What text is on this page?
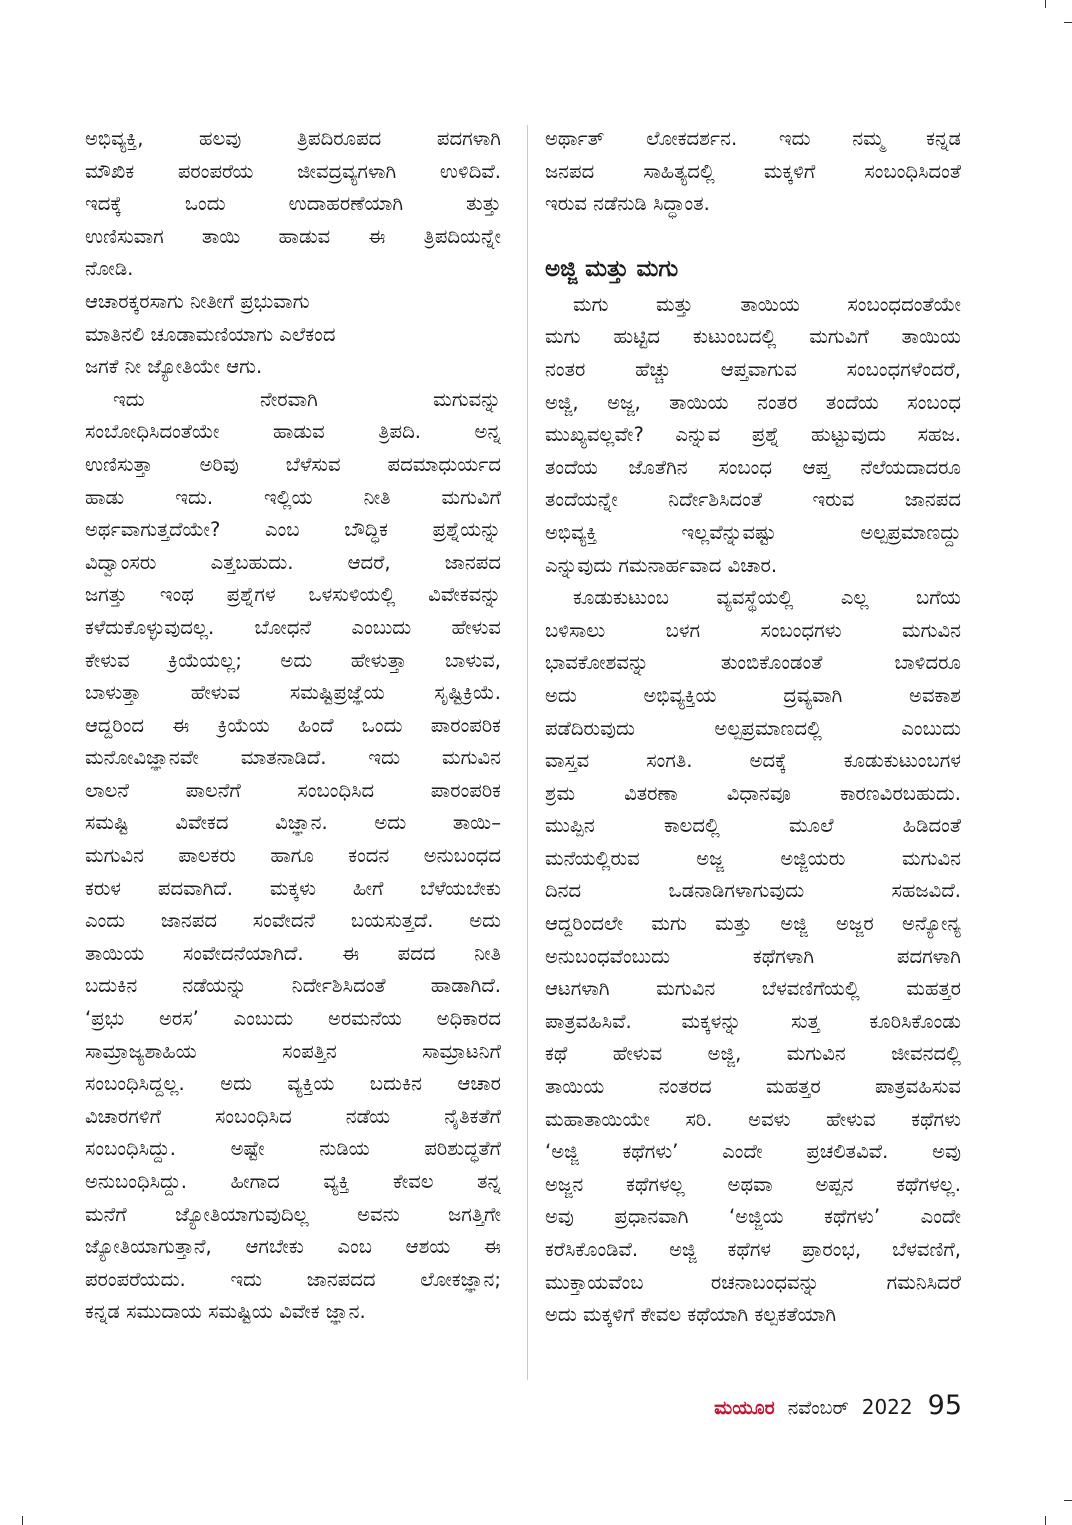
ಅಭಿವ್ಯಕ್ತಿ, ಹಲವು ತ್ರಿಪದಿರೂಪದ ಪದಗಳಾಗಿ
ಮೌಖಿಕ ಪರಂಪರೆಯ ಜೀವದ್ರವ್ಯಗಳಾಗಿ ಉಳಿದಿವೆ.
ಇದಕ್ಕೆ ಒಂದು ಉದಾಹರಣೆಯಾಗಿ ತುತ್ತು
ಉಣಿಸುವಾಗ ತಾಯಿ ಹಾಡುವ ಈ ತ್ರಿಪದಿಯನ್ನೇ
ನೋಡಿ.
ಆಚಾರಕ್ಕರಸಾಗು ನೀತೀಗೆ ಪ್ರಭುವಾಗು
ಮಾತಿನಲಿ ಚೂಡಾಮಣಿಯಾಗು ಎಲೆಕಂದ
ಜಗಕೆ ನೀ ಜ್ಯೋತಿಯೇ ಆಗು.
ಇದು ನೇರವಾಗಿ ಮಗುವನ್ನು
ಸಂಬೋಧಿಸಿದಂತೆಯೇ ಹಾಡುವ ತ್ರಿಪದಿ. ಅನ್ನ
ಉಣಿಸುತ್ತಾ ಅರಿವು ಬೆಳೆಸುವ ಪದಮಾಧುರ್ಯದ
ಹಾಡು ಇದು. ಇಲ್ಲಿಯ ನೀತಿ ಮಗುವಿಗೆ
ಅರ್ಥವಾಗುತ್ತದೆಯೇ? ಎಂಬ ಬೌದ್ಧಿಕ ಪ್ರಶ್ನೆಯನ್ನು
ವಿದ್ವಾಂಸರು ಎತ್ತಬಹುದು. ಆದರೆ, ಜಾನಪದ
ಜಗತ್ತು ಇಂಥ ಪ್ರಶ್ನೆಗಳ ಒಳಸುಳಿಯಲ್ಲಿ ವಿವೇಕವನ್ನು
ಕಳೆದುಕೊಳ್ಳುವುದಲ್ಲ. ಬೋಧನೆ ಎಂಬುದು ಹೇಳುವ
ಕೇಳುವ ಕ್ರಿಯೆಯಲ್ಲ; ಅದು ಹೇಳುತ್ತಾ ಬಾಳುವ,
ಬಾಳುತ್ತಾ ಹೇಳುವ ಸಮಷ್ಟಿಪ್ರಜ್ಞೆಯ ಸೃಷ್ಟಿಕ್ರಿಯೆ.
ಆದ್ದರಿಂದ ಈ ಕ್ರಿಯೆಯ ಹಿಂದೆ ಒಂದು ಪಾರಂಪರಿಕ
ಮನೋವಿಜ್ಞಾನವೇ ಮಾತನಾಡಿದೆ. ಇದು ಮಗುವಿನ
ಲಾಲನೆ ಪಾಲನೆಗೆ ಸಂಬಂಧಿಸಿದ ಪಾರಂಪರಿಕ
ಸಮಷ್ಟಿ ವಿವೇಕದ ವಿಜ್ಞಾನ. ಅದು ತಾಯಿ–
ಮಗುವಿನ ಪಾಲಕರು ಹಾಗೂ ಕಂದನ ಅನುಬಂಧದ
ಕರುಳ ಪದವಾಗಿದೆ. ಮಕ್ಕಳು ಹೀಗೆ ಬೆಳೆಯಬೇಕು
ಎಂದು ಜಾನಪದ ಸಂವೇದನೆ ಬಯಸುತ್ತದೆ. ಅದು
ತಾಯಿಯ ಸಂವೇದನೆಯಾಗಿದೆ. ಈ ಪದದ ನೀತಿ
ಬದುಕಿನ ನಡೆಯನ್ನು ನಿರ್ದೇಶಿಸಿದಂತೆ ಹಾಡಾಗಿದೆ.
‘ಪ್ರಭು ಅರಸ’ ಎಂಬುದು ಅರಮನೆಯ ಅಧಿಕಾರದ
ಸಾಮ್ರಾಜ್ಯಶಾಹಿಯ ಸಂಪತ್ತಿನ ಸಾಮ್ರಾಟನಿಗೆ
ಸಂಬಂಧಿಸಿದ್ದಲ್ಲ. ಅದು ವ್ಯಕ್ತಿಯ ಬದುಕಿನ ಆಚಾರ
ವಿಚಾರಗಳಿಗೆ ಸಂಬಂಧಿಸಿದ ನಡೆಯ ನೈತಿಕತೆಗೆ
ಸಂಬಂಧಿಸಿದ್ದು. ಅಷ್ಟೇ ನುಡಿಯ ಪರಿಶುದ್ಧತೆಗೆ
ಅನುಬಂಧಿಸಿದ್ದು. ಹೀಗಾದ ವ್ಯಕ್ತಿ ಕೇವಲ ತನ್ನ
ಮನೆಗೆ ಜ್ಯೋತಿಯಾಗುವುದಿಲ್ಲ ಅವನು ಜಗತ್ತಿಗೇ
ಜ್ಯೋತಿಯಾಗುತ್ತಾನೆ, ಆಗಬೇಕು ಎಂಬ ಆಶಯ ಈ
ಪರಂಪರೆಯದು. ಇದು ಜಾನಪದದ ಲೋಕಜ್ಞಾನ;
ಕನ್ನಡ ಸಮುದಾಯ ಸಮಷ್ಟಿಯ ವಿವೇಕ ಜ್ಞಾನ.
ಅರ್ಥಾತ್ ಲೋಕದರ್ಶನ. ಇದು ನಮ್ಮ ಕನ್ನಡ
ಜನಪದ ಸಾಹಿತ್ಯದಲ್ಲಿ ಮಕ್ಕಳಿಗೆ ಸಂಬಂಧಿಸಿದಂತೆ
ಇರುವ ನಡೆನುಡಿ ಸಿದ್ಧಾಂತ.
ಅಜ್ಜಿ ಮತ್ತು ಮಗು
ಮಗು ಮತ್ತು ತಾಯಿಯ ಸಂಬಂಧದಂತೆಯೇ
ಮಗು ಹುಟ್ಟಿದ ಕುಟುಂಬದಲ್ಲಿ ಮಗುವಿಗೆ ತಾಯಿಯ
ನಂತರ ಹೆಚ್ಚು ಆಪ್ತವಾಗುವ ಸಂಬಂಧಗಳೆಂದರೆ,
ಅಜ್ಜಿ, ಅಜ್ಜ, ತಾಯಿಯ ನಂತರ ತಂದೆಯ ಸಂಬಂಧ
ಮುಖ್ಯವಲ್ಲವೇ? ಎನ್ನುವ ಪ್ರಶ್ನೆ ಹುಟ್ಟುವುದು ಸಹಜ.
ತಂದೆಯ ಜೊತೆಗಿನ ಸಂಬಂಧ ಆಪ್ತ ನೆಲೆಯದಾದರೂ
ತಂದೆಯನ್ನೇ ನಿರ್ದೇಶಿಸಿದಂತೆ ಇರುವ ಜಾನಪದ
ಅಭಿವ್ಯಕ್ತಿ ಇಲ್ಲವೆನ್ನುವಷ್ಟು ಅಲ್ಪಪ್ರಮಾಣದ್ದು
ಎನ್ನುವುದು ಗಮನಾರ್ಹವಾದ ವಿಚಾರ.
ಕೂಡುಕುಟುಂಬ ವ್ಯವಸ್ಥೆಯಲ್ಲಿ ಎಲ್ಲ ಬಗೆಯ
ಬಳಿಸಾಲು ಬಳಗ ಸಂಬಂಧಗಳು ಮಗುವಿನ
ಭಾವಕೋಶವನ್ನು ತುಂಬಿಕೊಂಡಂತೆ ಬಾಳಿದರೂ
ಅದು ಅಭಿವ್ಯಕ್ತಿಯ ದ್ರವ್ಯವಾಗಿ ಅವಕಾಶ
ಪಡೆದಿರುವುದು ಅಲ್ಪಪ್ರಮಾಣದಲ್ಲಿ ಎಂಬುದು
ವಾಸ್ತವ ಸಂಗತಿ. ಅದಕ್ಕೆ ಕೂಡುಕುಟುಂಬಗಳ
ಶ್ರಮ ವಿತರಣಾ ವಿಧಾನವೂ ಕಾರಣವಿರಬಹುದು.
ಮುಪ್ಪಿನ ಕಾಲದಲ್ಲಿ ಮೂಲೆ ಹಿಡಿದಂತೆ
ಮನೆಯಲ್ಲಿರುವ ಅಜ್ಜ ಅಜ್ಜಿಯರು ಮಗುವಿನ
ದಿನದ ಒಡನಾಡಿಗಳಾಗುವುದು ಸಹಜವಿದೆ.
ಆದ್ದರಿಂದಲೇ ಮಗು ಮತ್ತು ಅಜ್ಜಿ ಅಜ್ಜರ ಅನ್ಯೋನ್ಯ
ಅನುಬಂಧವೆಂಬುದು ಕಥೆಗಳಾಗಿ ಪದಗಳಾಗಿ
ಆಟಗಳಾಗಿ ಮಗುವಿನ ಬೆಳವಣಿಗೆಯಲ್ಲಿ ಮಹತ್ತರ
ಪಾತ್ರವಹಿಸಿವೆ. ಮಕ್ಕಳನ್ನು ಸುತ್ತ ಕೂರಿಸಿಕೊಂಡು
ಕಥೆ ಹೇಳುವ ಅಜ್ಜಿ, ಮಗುವಿನ ಜೀವನದಲ್ಲಿ
ತಾಯಿಯ ನಂತರದ ಮಹತ್ತರ ಪಾತ್ರವಹಿಸುವ
ಮಹಾತಾಯಿಯೇ ಸರಿ. ಅವಳು ಹೇಳುವ ಕಥೆಗಳು
‘ಅಜ್ಜಿ ಕಥೆಗಳು’ ಎಂದೇ ಪ್ರಚಲಿತವಿವೆ. ಅವು
ಅಜ್ಜನ ಕಥೆಗಳಲ್ಲ ಅಥವಾ ಅಪ್ಪನ ಕಥೆಗಳಲ್ಲ.
ಅವು ಪ್ರಧಾನವಾಗಿ ‘ಅಜ್ಜಿಯ ಕಥೆಗಳು’ ಎಂದೇ
ಕರೆಸಿಕೊಂಡಿವೆ. ಅಜ್ಜಿ ಕಥೆಗಳ ಪ್ರಾರಂಭ, ಬೆಳವಣಿಗೆ,
ಮುಕ್ತಾಯವೆಂಬ ರಚನಾಬಂಧವನ್ನು ಗಮನಿಸಿದರೆ
ಅದು ಮಕ್ಕಳಿಗೆ ಕೇವಲ ಕಥೆಯಾಗಿ ಕಲ್ಪಕತೆಯಾಗಿ
ಮಯೂರ ನವೆಂಬರ್ 2022 95
